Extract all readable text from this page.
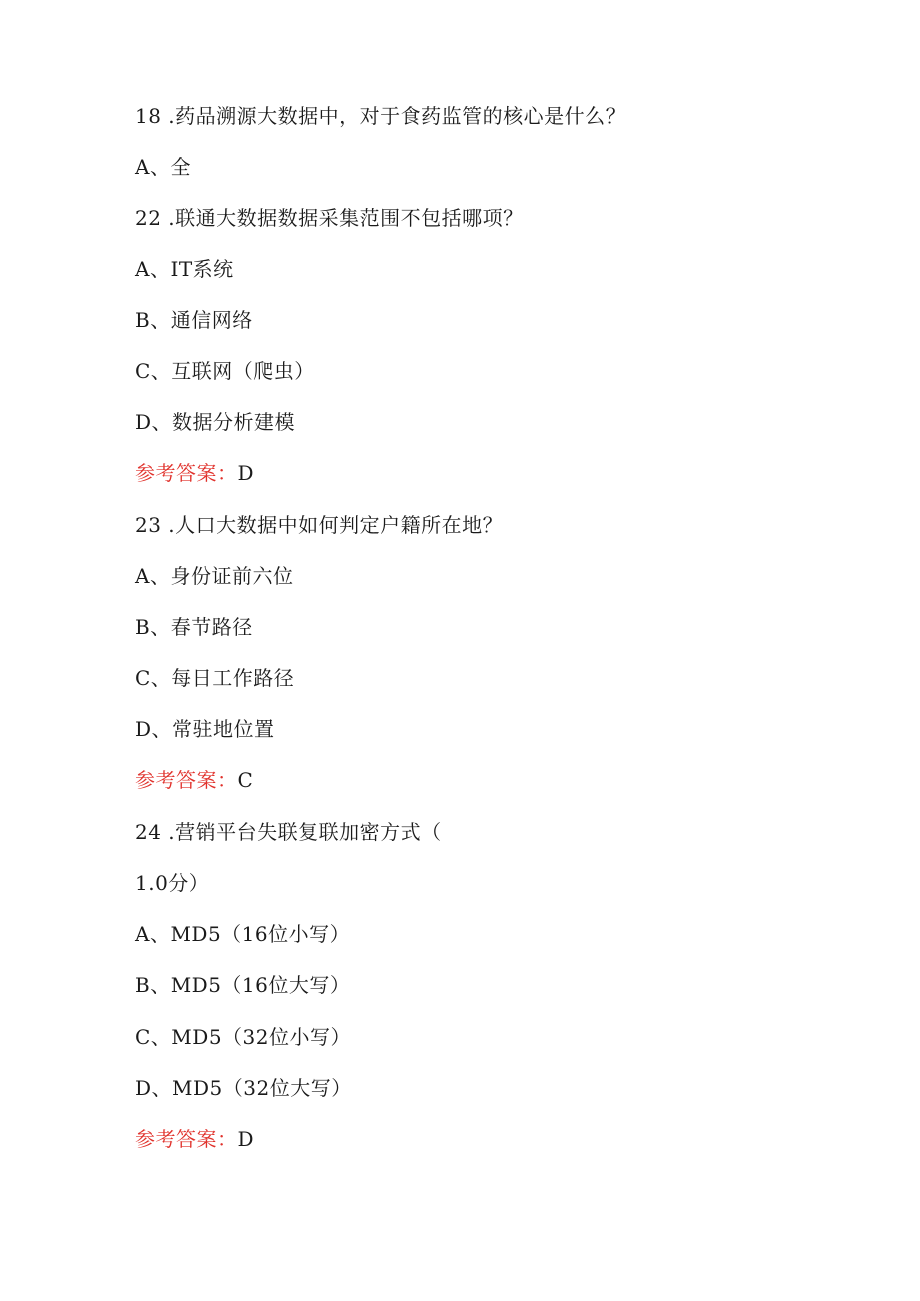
18 .药品溯源大数据中，对于食药监管的核心是什么？
A、全
22 .联通大数据数据采集范围不包括哪项？
A、IT系统
B、通信网络
C、互联网（爬虫）
D、数据分析建模
参考答案：D
23 .人口大数据中如何判定户籍所在地？
A、身份证前六位
B、春节路径
C、每日工作路径
D、常驻地位置
参考答案：C
24 .营销平台失联复联加密方式（
1.0分）
A、MD5（16位小写）
B、MD5（16位大写）
C、MD5（32位小写）
D、MD5（32位大写）
参考答案：D
